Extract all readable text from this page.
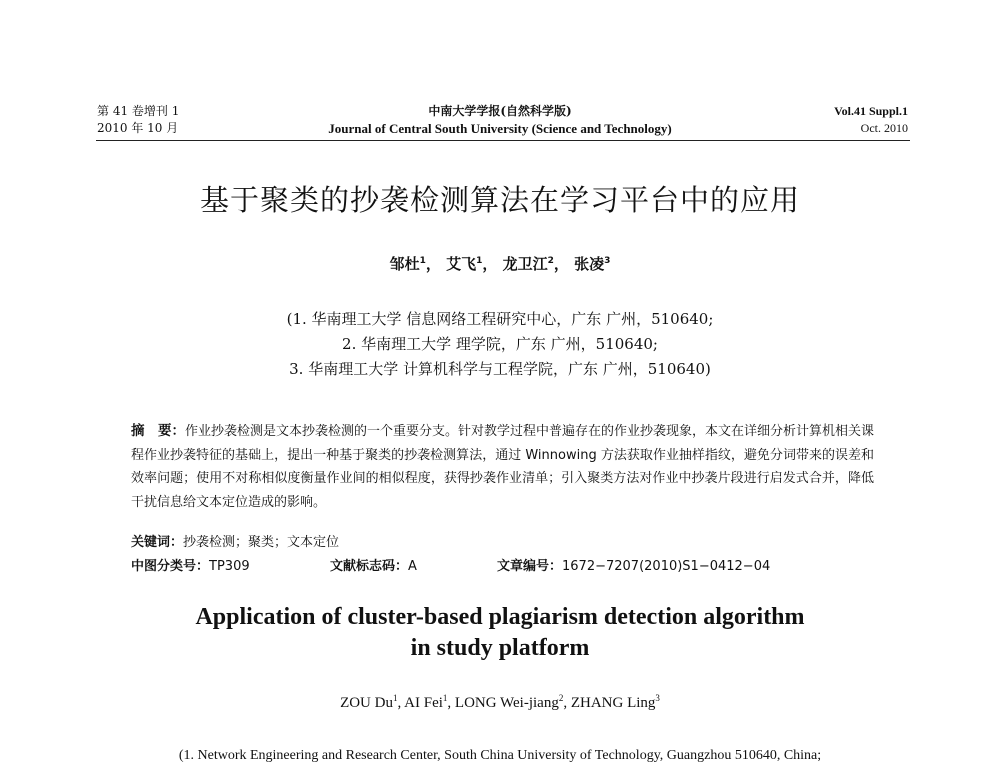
第 41 卷增刊 1
2010 年 10 月
中南大学学报(自然科学版)
Journal of Central South University (Science and Technology)
Vol.41 Suppl.1
Oct. 2010
基于聚类的抄袭检测算法在学习平台中的应用
邹杜$^1$， 艾飞$^1$， 龙卫江$^2$， 张凌$^3$
(1. 华南理工大学 信息网络工程研究中心，广东 广州，510640;
2. 华南理工大学 理学院，广东 广州，510640;
3. 华南理工大学 计算机科学与工程学院，广东 广州，510640)
摘　要：作业抄袭检测是文本抄袭检测的一个重要分支。针对教学过程中普遍存在的作业抄袭现象，本文在详细分析计算机相关课程作业抄袭特征的基础上，提出一种基于聚类的抄袭检测算法，通过 Winnowing 方法获取作业抽样指纹，避免分词带来的误差和效率问题；使用不对称相似度衡量作业间的相似程度，获得抄袭作业清单；引入聚类方法对作业中抄袭片段进行启发式合并，降低干扰信息给文本定位造成的影响。
关键词：抄袭检测；聚类；文本定位
中图分类号：TP309	文献标志码：A	文章编号：1672−7207(2010)S1−0412−04
Application of cluster-based plagiarism detection algorithm
in study platform
ZOU Du$^1$, AI Fei$^1$, LONG Wei-jiang$^2$, ZHANG Ling$^3$
(1. Network Engineering and Research Center, South China University of Technology, Guangzhou 510640, China;
